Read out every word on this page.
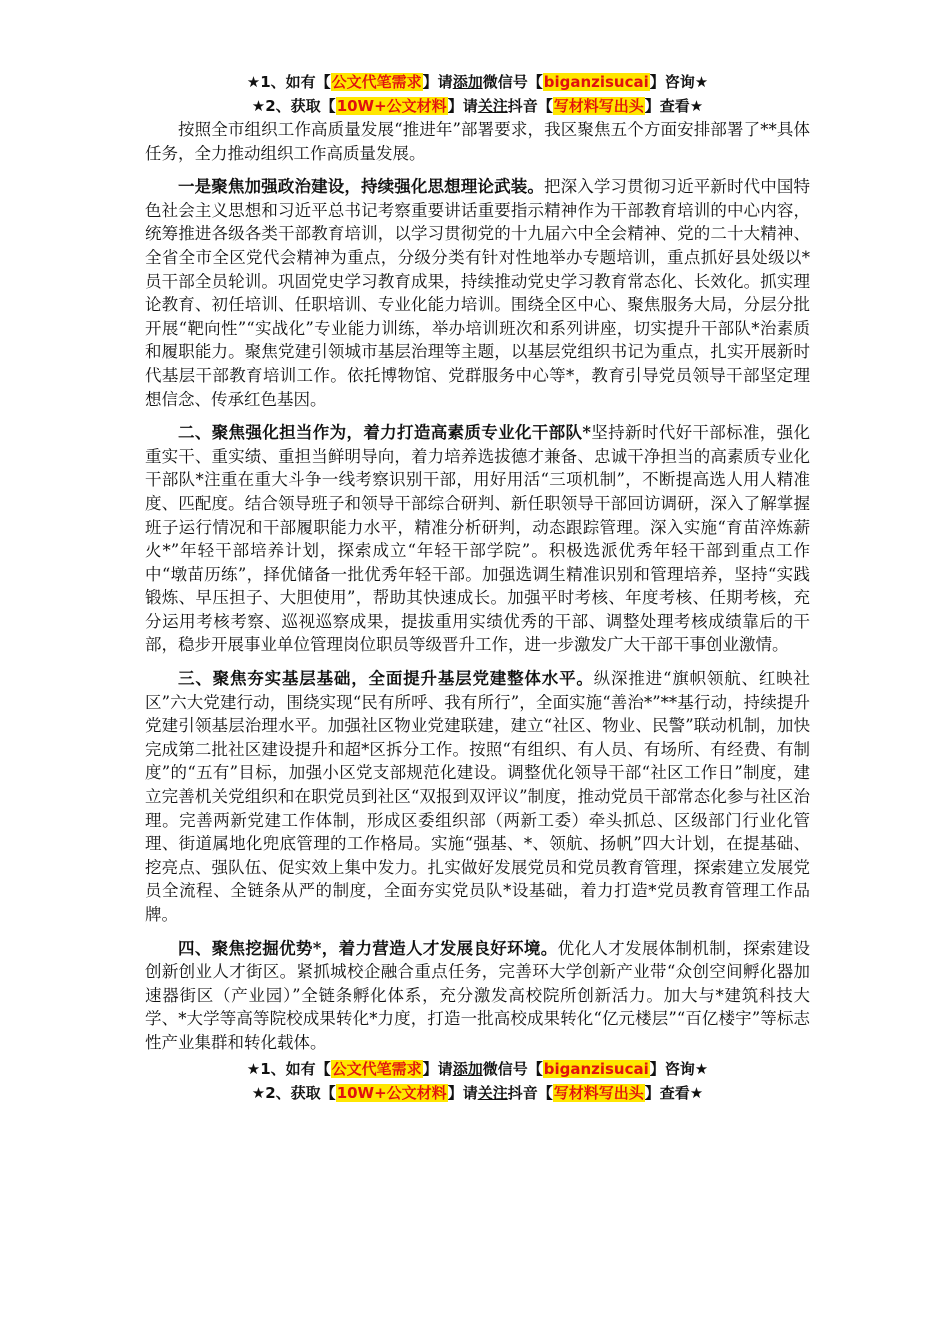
★1、如有【公文代笔需求】请添加微信号【biganzisucai】咨询★
★2、获取【10W+公文材料】请关注抖音【写材料写出头】查看★

按照全市组织工作高质量发展“推进年”部署要求，我区聚焦五个方面安排部署了**具体任务，全力推动组织工作高质量发展。

一是聚焦加强政治建设，持续强化思想理论武装。把深入学习贯彻习近平新时代中国特色社会主义思想和习近平总书记考察重要讲话重要指示精神作为干部教育培训的中心内容，统筹推进各级各类干部教育培训，以学习贯彻党的十九届六中全会精神、党的二十大精神、全省全市全区党代会精神为重点，分级分类有针对性地举办专题培训，重点抓好县处级以*员干部全员轮训。巩固党史学习教育成果，持续推动党史学习教育常态化、长效化。抓实理论教育、初任培训、任职培训、专业化能力培训。围绕全区中心、聚焦服务大局，分层分批开展“靶向性”“实战化”专业能力训练，举办培训班次和系列讲座，切实提升干部队*治素质和履职能力。聚焦党建引领城市基层治理等主题，以基层党组织书记为重点，扎实开展新时代基层干部教育培训工作。依托博物馆、党群服务中心等*，教育引导党员领导干部坚定理想信念、传承红色基因。

二、聚焦强化担当作为，着力打造高素质专业化干部队*坚持新时代好干部标准，强化重实干、重实绩、重担当鲜明导向，着力培养选拔德才兼备、忠诚干净担当的高素质专业化干部队*注重在重大斗争一线考察识别干部，用好用活“三项机制”，不断提高选人用人精准度、匹配度。结合领导班子和领导干部综合研判、新任职领导干部回访调研，深入了解掌握班子运行情况和干部履职能力水平，精准分析研判，动态跟踪管理。深入实施“育苗淬炼薪火*”年轻干部培养计划，探索成立“年轻干部学院”。积极选派优秀年轻干部到重点工作中“墩苗历练”，择优储备一批优秀年轻干部。加强选调生精准识别和管理培养，坚持“实践锻炼、早压担子、大胆使用”，帮助其快速成长。加强平时考核、年度考核、任期考核，充分运用考核考察、巡视巡察成果，提拔重用实绩优秀的干部、调整处理考核成绩靠后的干部，稳步开展事业单位管理岗位职员等级晋升工作，进一步激发广大干部干事创业激情。

三、聚焦夯实基层基础，全面提升基层党建整体水平。纵深推进“旗帜领航、红映社区”六大党建行动，围绕实现“民有所呼、我有所行”，全面实施“善治*”**基行动，持续提升党建引领基层治理水平。加强社区物业党建联建，建立“社区、物业、民警”联动机制，加快完成第二批社区建设提升和超*区拆分工作。按照“有组织、有人员、有场所、有经费、有制度”的“五有”目标，加强小区党支部规范化建设。调整优化领导干部“社区工作日”制度，建立完善机关党组织和在职党员到社区“双报到双评议”制度，推动党员干部常态化参与社区治理。完善两新党建工作体制，形成区委组织部（两新工委）牵头抓总、区级部门行业化管理、街道属地化兜底管理的工作格局。实施“强基、*、领航、扬帆”四大计划，在提基础、挖亮点、强队伍、促实效上集中发力。扎实做好发展党员和党员教育管理，探索建立发展党员全流程、全链条从严的制度，全面夯实党员队*设基础，着力打造*党员教育管理工作品牌。

四、聚焦挖掘优势*，着力营造人才发展良好环境。优化人才发展体制机制，探索建设创新创业人才街区。紧抓城校企融合重点任务，完善环大学创新产业带“众创空间孵化器加速器街区（产业园）”全链条孵化体系，充分激发高校院所创新活力。加大与*建筑科技大学、*大学等高等院校成果转化*力度，打造一批高校成果转化“亿元楼层”“百亿楼宇”等标志性产业集群和转化载体。

★1、如有【公文代笔需求】请添加微信号【biganzisucai】咨询★
★2、获取【10W+公文材料】请关注抖音【写材料写出头】查看★
